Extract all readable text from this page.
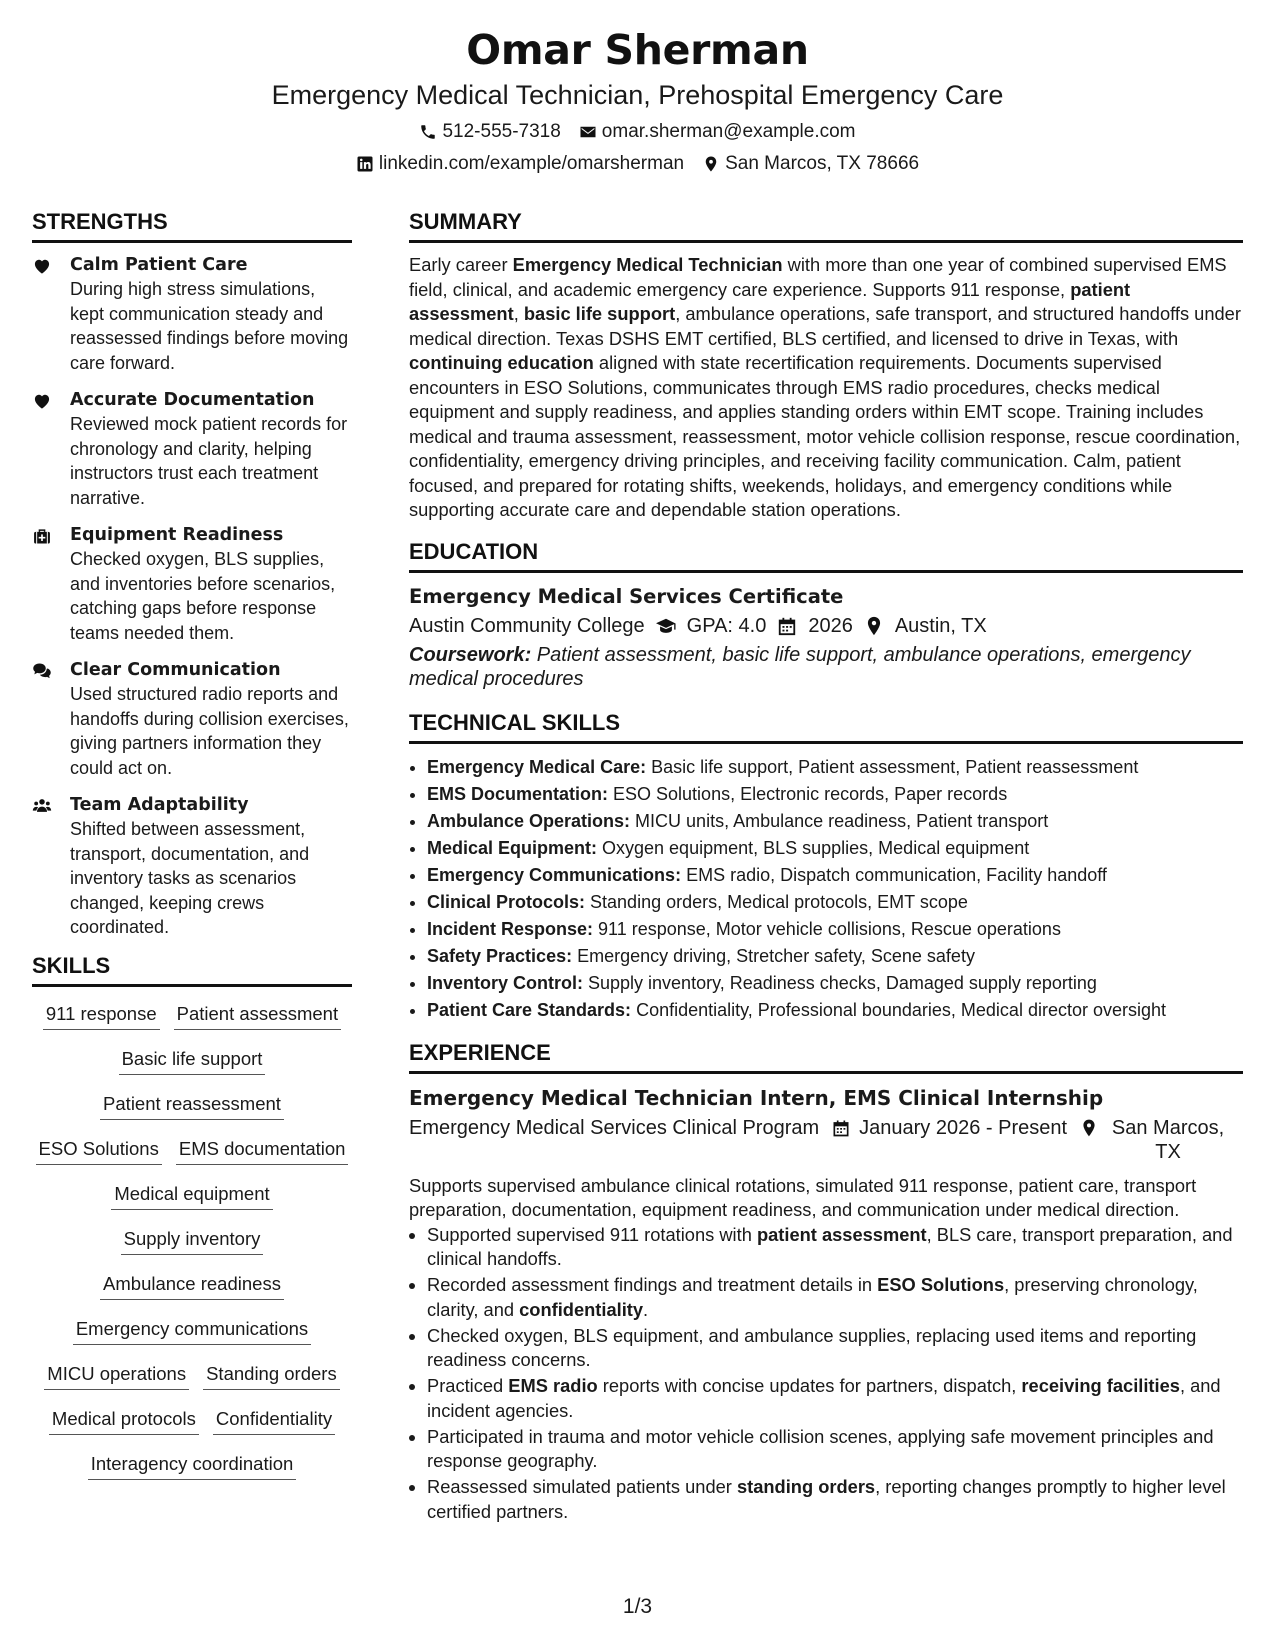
Omar Sherman
Emergency Medical Technician, Prehospital Emergency Care
512-555-7318 omar.sherman@example.com
linkedin.com/example/omarsherman San Marcos, TX 78666
STRENGTHS
Calm Patient Care
During high stress simulations, kept communication steady and reassessed findings before moving care forward.
Accurate Documentation
Reviewed mock patient records for chronology and clarity, helping instructors trust each treatment narrative.
Equipment Readiness
Checked oxygen, BLS supplies, and inventories before scenarios, catching gaps before response teams needed them.
Clear Communication
Used structured radio reports and handoffs during collision exercises, giving partners information they could act on.
Team Adaptability
Shifted between assessment, transport, documentation, and inventory tasks as scenarios changed, keeping crews coordinated.
SKILLS
911 response Patient assessment
Basic life support
Patient reassessment
ESO Solutions EMS documentation
Medical equipment
Supply inventory
Ambulance readiness
Emergency communications
MICU operations Standing orders
Medical protocols Confidentiality
Interagency coordination
SUMMARY
Early career Emergency Medical Technician with more than one year of combined supervised EMS field, clinical, and academic emergency care experience. Supports 911 response, patient assessment, basic life support, ambulance operations, safe transport, and structured handoffs under medical direction. Texas DSHS EMT certified, BLS certified, and licensed to drive in Texas, with continuing education aligned with state recertification requirements. Documents supervised encounters in ESO Solutions, communicates through EMS radio procedures, checks medical equipment and supply readiness, and applies standing orders within EMT scope. Training includes medical and trauma assessment, reassessment, motor vehicle collision response, rescue coordination, confidentiality, emergency driving principles, and receiving facility communication. Calm, patient focused, and prepared for rotating shifts, weekends, holidays, and emergency conditions while supporting accurate care and dependable station operations.
EDUCATION
Emergency Medical Services Certificate
Austin Community College GPA: 4.0 2026 Austin, TX
Coursework: Patient assessment, basic life support, ambulance operations, emergency medical procedures
TECHNICAL SKILLS
• Emergency Medical Care: Basic life support, Patient assessment, Patient reassessment
• EMS Documentation: ESO Solutions, Electronic records, Paper records
• Ambulance Operations: MICU units, Ambulance readiness, Patient transport
• Medical Equipment: Oxygen equipment, BLS supplies, Medical equipment
• Emergency Communications: EMS radio, Dispatch communication, Facility handoff
• Clinical Protocols: Standing orders, Medical protocols, EMT scope
• Incident Response: 911 response, Motor vehicle collisions, Rescue operations
• Safety Practices: Emergency driving, Stretcher safety, Scene safety
• Inventory Control: Supply inventory, Readiness checks, Damaged supply reporting
• Patient Care Standards: Confidentiality, Professional boundaries, Medical director oversight
EXPERIENCE
Emergency Medical Technician Intern, EMS Clinical Internship
Emergency Medical Services Clinical Program January 2026 - Present San Marcos, TX
Supports supervised ambulance clinical rotations, simulated 911 response, patient care, transport preparation, documentation, equipment readiness, and communication under medical direction.
• Supported supervised 911 rotations with patient assessment, BLS care, transport preparation, and clinical handoffs.
• Recorded assessment findings and treatment details in ESO Solutions, preserving chronology, clarity, and confidentiality.
• Checked oxygen, BLS equipment, and ambulance supplies, replacing used items and reporting readiness concerns.
• Practiced EMS radio reports with concise updates for partners, dispatch, receiving facilities, and incident agencies.
• Participated in trauma and motor vehicle collision scenes, applying safe movement principles and response geography.
• Reassessed simulated patients under standing orders, reporting changes promptly to higher level certified partners.
1/3
